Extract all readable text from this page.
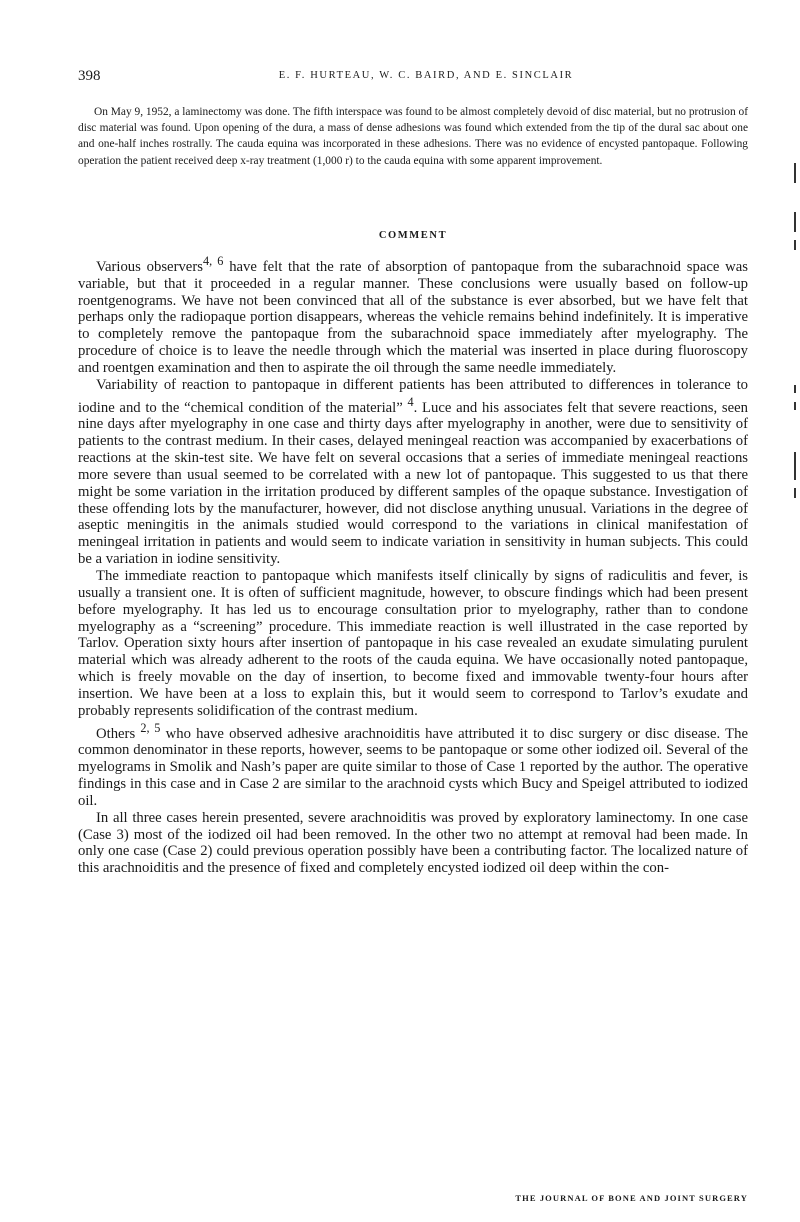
398	E. F. HURTEAU, W. C. BAIRD, AND E. SINCLAIR

On May 9, 1952, a laminectomy was done. The fifth interspace was found to be almost completely devoid of disc material, but no protrusion of disc material was found. Upon opening of the dura, a mass of dense adhesions was found which extended from the tip of the dural sac about one and one-half inches rostrally. The cauda equina was incorporated in these adhesions. There was no evidence of encysted pantopaque. Following operation the patient received deep x-ray treatment (1,000 r) to the cauda equina with some apparent improvement.

COMMENT

Various observers$^{4, 6}$ have felt that the rate of absorption of pantopaque from the subarachnoid space was variable, but that it proceeded in a regular manner. These conclusions were usually based on follow-up roentgenograms. We have not been convinced that all of the substance is ever absorbed, but we have felt that perhaps only the radiopaque portion disappears, whereas the vehicle remains behind indefinitely. It is imperative to completely remove the pantopaque from the subarachnoid space immediately after myelography. The procedure of choice is to leave the needle through which the material was inserted in place during fluoroscopy and roentgen examination and then to aspirate the oil through the same needle immediately.

Variability of reaction to pantopaque in different patients has been attributed to differences in tolerance to iodine and to the “chemical condition of the material” $^4$. Luce and his associates felt that severe reactions, seen nine days after myelography in one case and thirty days after myelography in another, were due to sensitivity of patients to the contrast medium. In their cases, delayed meningeal reaction was accompanied by exacerbations of reactions at the skin-test site. We have felt on several occasions that a series of immediate meningeal reactions more severe than usual seemed to be correlated with a new lot of pantopaque. This suggested to us that there might be some variation in the irritation produced by different samples of the opaque substance. Investigation of these offending lots by the manufacturer, however, did not disclose anything unusual. Variations in the degree of aseptic meningitis in the animals studied would correspond to the variations in clinical manifestation of meningeal irritation in patients and would seem to indicate variation in sensitivity in human subjects. This could be a variation in iodine sensitivity.

The immediate reaction to pantopaque which manifests itself clinically by signs of radiculitis and fever, is usually a transient one. It is often of sufficient magnitude, however, to obscure findings which had been present before myelography. It has led us to encourage consultation prior to myelography, rather than to condone myelography as a “screening” procedure. This immediate reaction is well illustrated in the case reported by Tarlov. Operation sixty hours after insertion of pantopaque in his case revealed an exudate simulating purulent material which was already adherent to the roots of the cauda equina. We have occasionally noted pantopaque, which is freely movable on the day of insertion, to become fixed and immovable twenty-four hours after insertion. We have been at a loss to explain this, but it would seem to correspond to Tarlov’s exudate and probably represents solidification of the contrast medium.

Others $^{2, 5}$ who have observed adhesive arachnoiditis have attributed it to disc surgery or disc disease. The common denominator in these reports, however, seems to be pantopaque or some other iodized oil. Several of the myelograms in Smolik and Nash’s paper are quite similar to those of Case 1 reported by the author. The operative findings in this case and in Case 2 are similar to the arachnoid cysts which Bucy and Speigel attributed to iodized oil.

In all three cases herein presented, severe arachnoiditis was proved by exploratory laminectomy. In one case (Case 3) most of the iodized oil had been removed. In the other two no attempt at removal had been made. In only one case (Case 2) could previous operation possibly have been a contributing factor. The localized nature of this arachnoiditis and the presence of fixed and completely encysted iodized oil deep within the con-

THE JOURNAL OF BONE AND JOINT SURGERY
